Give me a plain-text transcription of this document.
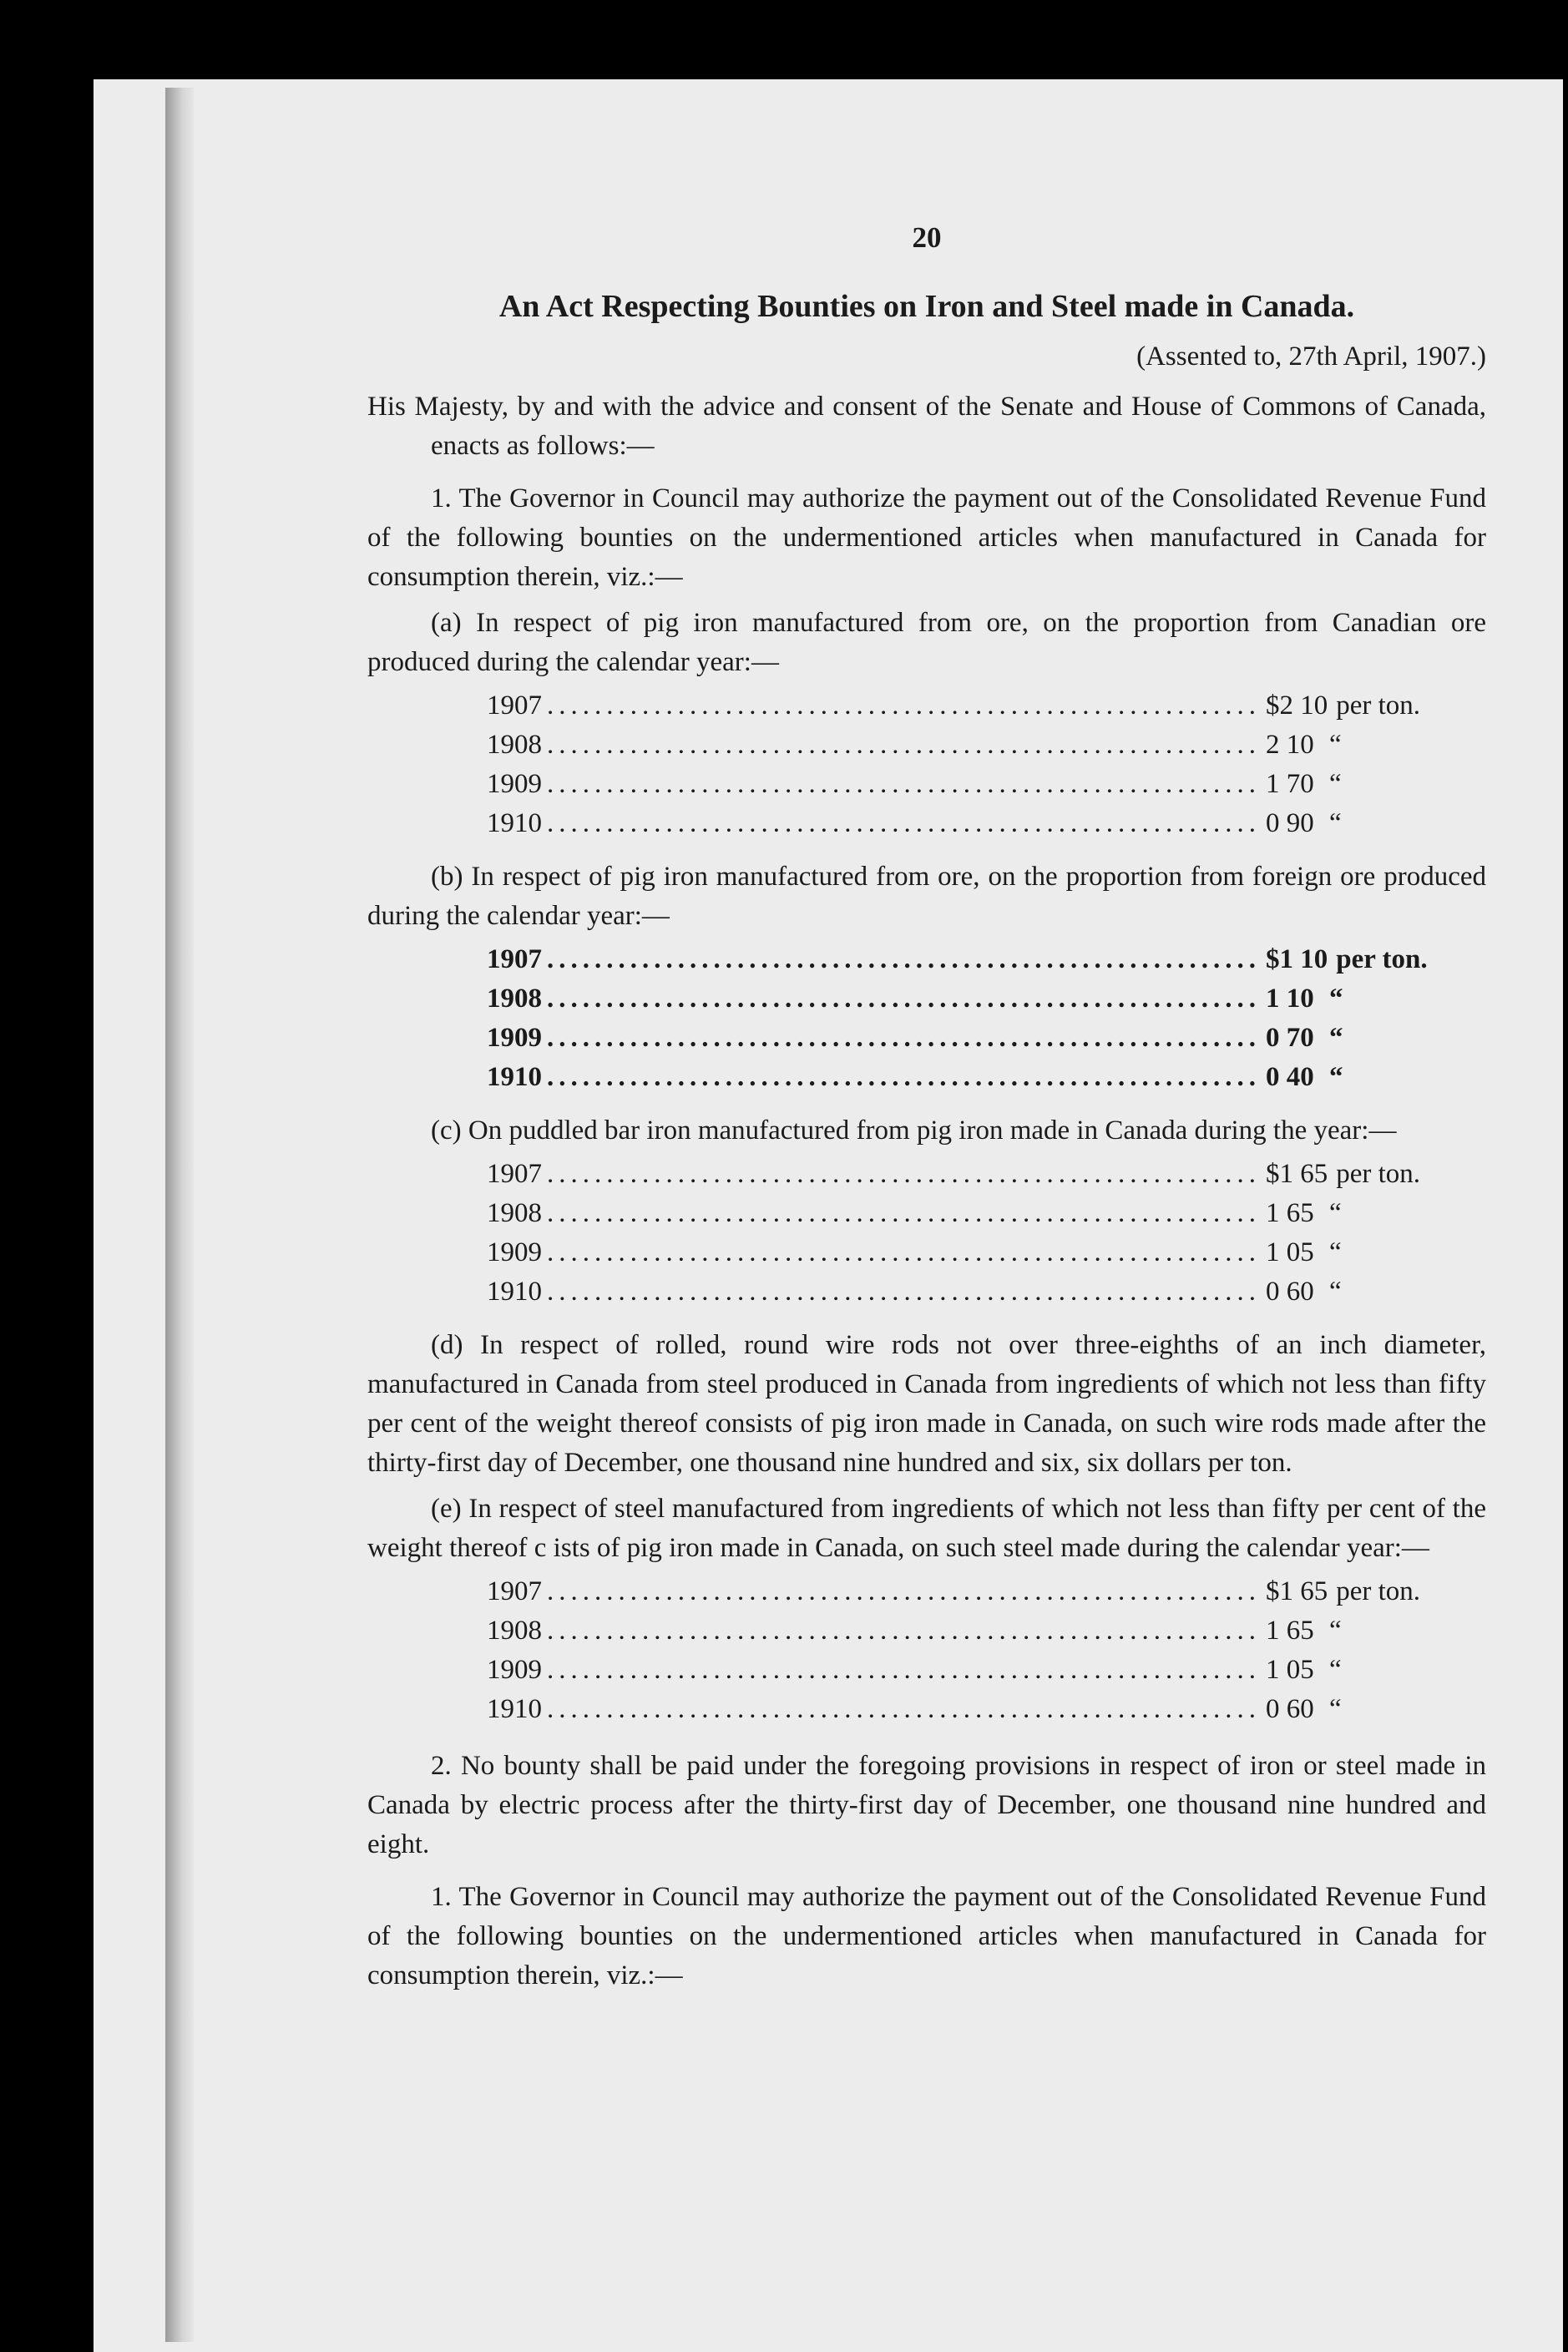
20
An Act Respecting Bounties on Iron and Steel made in Canada.
(Assented to, 27th April, 1907.)

His Majesty, by and with the advice and consent of the Senate and House of Commons of Canada, enacts as follows:—

1. The Governor in Council may authorize the payment out of the Consolidated Revenue Fund of the following bounties on the undermentioned articles when manufactured in Canada for consumption therein, viz.:—

(a) In respect of pig iron manufactured from ore, on the proportion from Canadian ore produced during the calendar year:—

1907 ............................................................ $2 10 per ton.
1908 ............................................................ 2 10 “
1909 ............................................................ 1 70 “
1910 ............................................................ 0 90 “

(b) In respect of pig iron manufactured from ore, on the proportion from foreign ore produced during the calendar year:—

1907 ............................................................ $1 10 per ton.
1908 ............................................................ 1 10 “
1909 ............................................................ 0 70 “
1910 ............................................................ 0 40 “

(c) On puddled bar iron manufactured from pig iron made in Canada during the year:—

1907 ............................................................ $1 65 per ton.
1908 ............................................................ 1 65 “
1909 ............................................................ 1 05 “
1910 ............................................................ 0 60 “

(d) In respect of rolled, round wire rods not over three-eighths of an inch diameter, manufactured in Canada from steel produced in Canada from ingredients of which not less than fifty per cent of the weight thereof consists of pig iron made in Canada, on such wire rods made after the thirty-first day of December, one thousand nine hundred and six, six dollars per ton.

(e) In respect of steel manufactured from ingredients of which not less than fifty per cent of the weight thereof c ists of pig iron made in Canada, on such steel made during the calendar year:—

1907 ............................................................ $1 65 per ton.
1908 ............................................................ 1 65 “
1909 ............................................................ 1 05 “
1910 ............................................................ 0 60 “

2. No bounty shall be paid under the foregoing provisions in respect of iron or steel made in Canada by electric process after the thirty-first day of December, one thousand nine hundred and eight.

1. The Governor in Council may authorize the payment out of the Consolidated Revenue Fund of the following bounties on the undermentioned articles when manufactured in Canada for consumption therein, viz.:—
